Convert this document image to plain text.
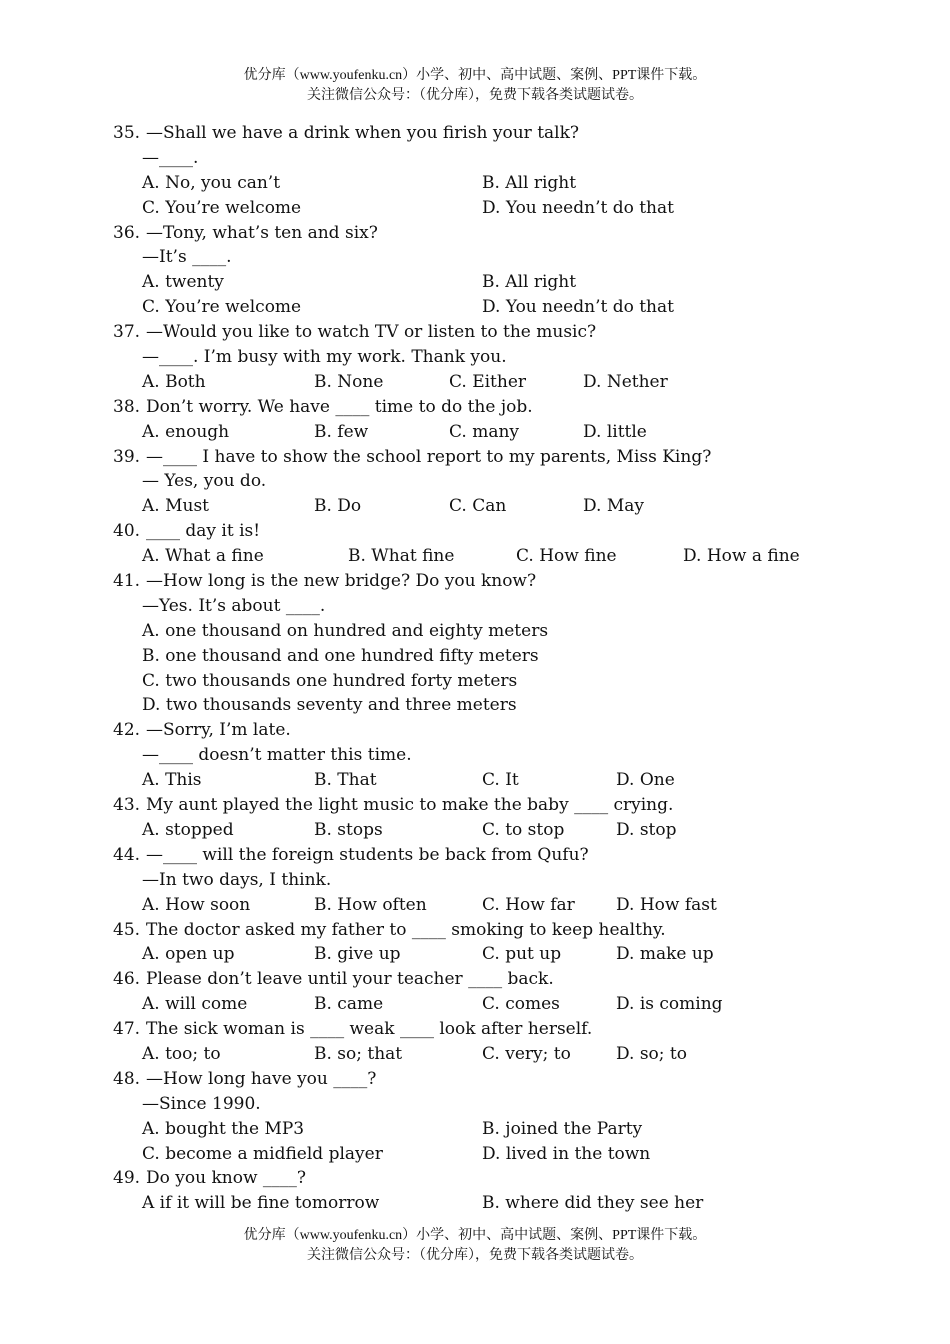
优分库（www.youfenku.cn）小学、初中、高中试题、案例、PPT课件下载。
关注微信公众号：（优分库），免费下载各类试题试卷。
35. —Shall we have a drink when you firish your talk?
—____.
A. No, you can’t	B. All right
C. You’re welcome	D. You needn’t do that
36. —Tony, what’s ten and six?
—It’s ____.
A. twenty	B. All right
C. You’re welcome	D. You needn’t do that
37. —Would you like to watch TV or listen to the music?
—____. I’m busy with my work. Thank you.
A. Both	B. None	C. Either	D. Nether
38. Don’t worry. We have ____ time to do the job.
A. enough	B. few	C. many	D. little
39. —____ I have to show the school report to my parents, Miss King?
— Yes, you do.
A. Must	B. Do	C. Can	D. May
40. ____ day it is!
A. What a fine	B. What fine	C. How fine	D. How a fine
41. —How long is the new bridge? Do you know?
—Yes. It’s about ____.
A. one thousand on hundred and eighty meters
B. one thousand and one hundred fifty meters
C. two thousands one hundred forty meters
D. two thousands seventy and three meters
42. —Sorry, I’m late.
—____ doesn’t matter this time.
A. This	B. That	C. It	D. One
43. My aunt played the light music to make the baby ____ crying.
A. stopped	B. stops	C. to stop	D. stop
44. —____ will the foreign students be back from Qufu?
—In two days, I think.
A. How soon	B. How often	C. How far D. How fast
45. The doctor asked my father to ____ smoking to keep healthy.
A. open up	B. give up	C. put up	D. make up
46. Please don’t leave until your teacher ____ back.
A. will come	B. came	C. comes	D. is coming
47. The sick woman is ____ weak ____ look after herself.
A. too; to	B. so; that	C. very; to	D. so; to
48. —How long have you ____?
—Since 1990.
A. bought the MP3	B. joined the Party
C. become a midfield player	D. lived in the town
49. Do you know ____?
A if it will be fine tomorrow	B. where did they see her
优分库（www.youfenku.cn）小学、初中、高中试题、案例、PPT课件下载。
关注微信公众号：（优分库），免费下载各类试题试卷。
